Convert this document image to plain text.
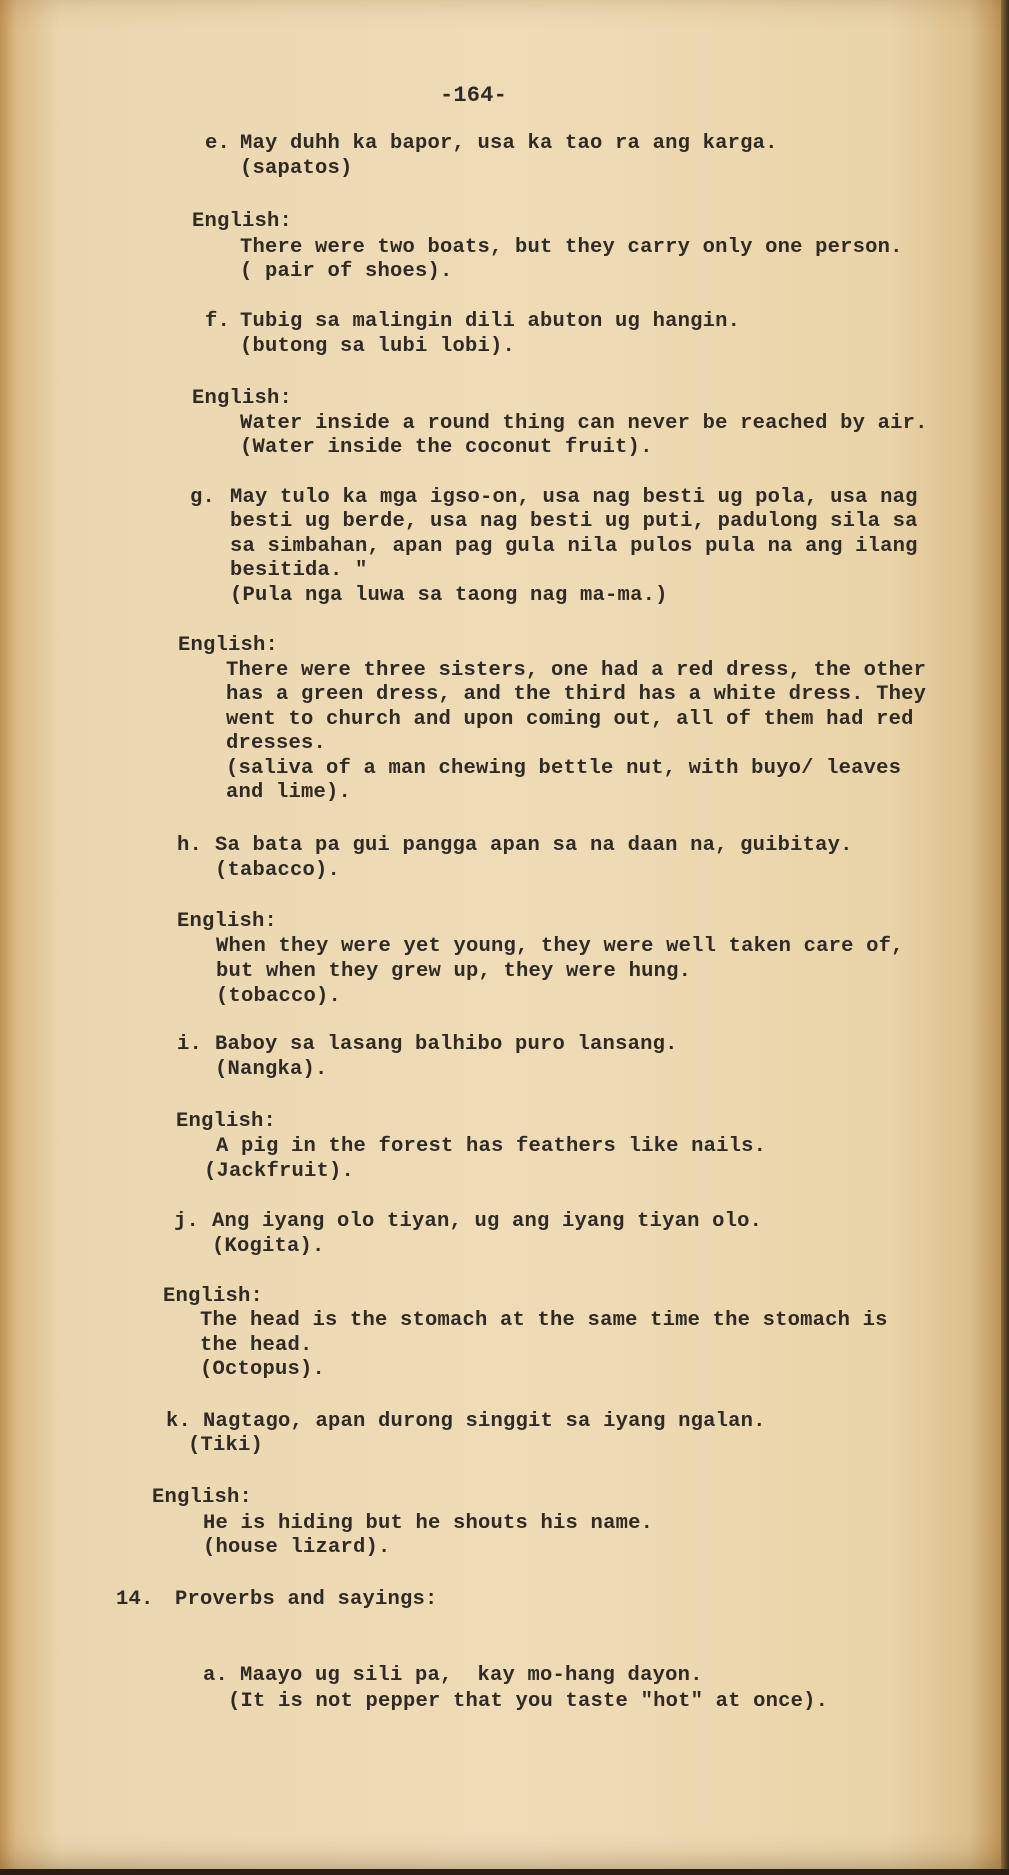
-164-
e. May duhh ka bapor, usa ka tao ra ang karga.
(sapatos)
English:
There were two boats, but they carry only one person.
( pair of shoes).
f. Tubig sa malingin dili abuton ug hangin.
(butong sa lubi lobi).
English:
Water inside a round thing can never be reached by air.
(Water inside the coconut fruit).
g. May tulo ka mga igso-on, usa nag besti ug pola, usa nag
besti ug berde, usa nag besti ug puti, padulong sila sa
sa simbahan, apan pag gula nila pulos pula na ang ilang
besitida. "
(Pula nga luwa sa taong nag ma-ma.)
English:
There were three sisters, one had a red dress, the other
has a green dress, and the third has a white dress. They
went to church and upon coming out, all of them had red
dresses.
(saliva of a man chewing bettle nut, with buyo/ leaves
and lime).
h. Sa bata pa gui pangga apan sa na daan na, guibitay.
(tabacco).
English:
When they were yet young, they were well taken care of,
but when they grew up, they were hung.
(tobacco).
i. Baboy sa lasang balhibo puro lansang.
(Nangka).
English:
A pig in the forest has feathers like nails.
(Jackfruit).
j. Ang iyang olo tiyan, ug ang iyang tiyan olo.
(Kogita).
English:
The head is the stomach at the same time the stomach is
the head.
(Octopus).
k. Nagtago, apan durong singgit sa iyang ngalan.
(Tiki)
English:
He is hiding but he shouts his name.
(house lizard).
14. Proverbs and sayings:
a. Maayo ug sili pa,  kay mo-hang dayon.
(It is not pepper that you taste "hot" at once).
